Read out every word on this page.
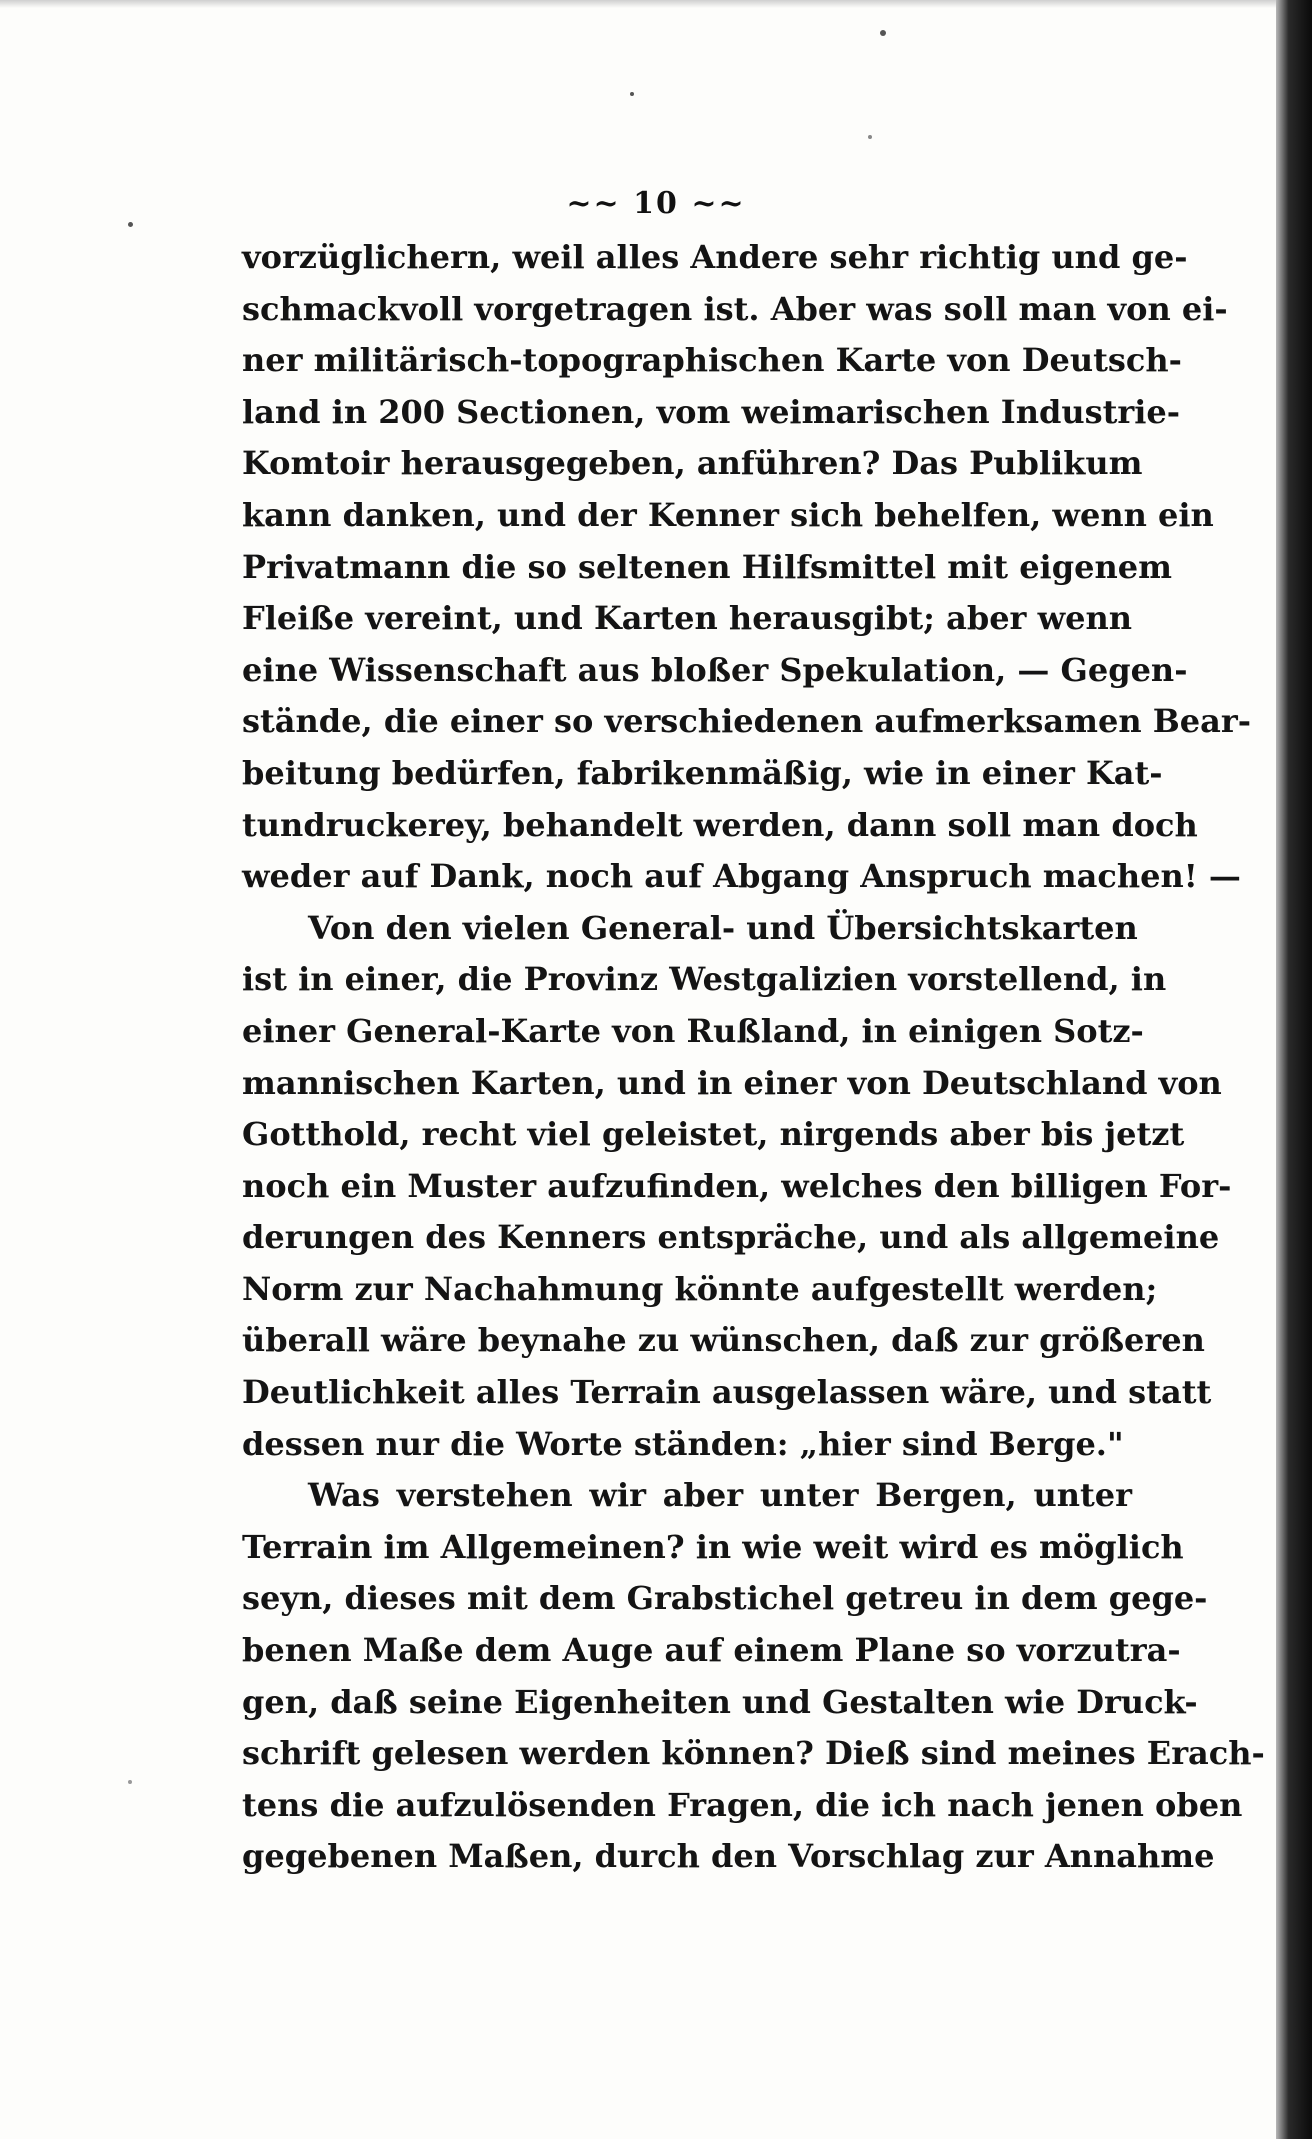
~~ 10 ~~
vorzüglichern, weil alles Andere sehr richtig und ge-
schmackvoll vorgetragen ist. Aber was soll man von ei-
ner militärisch-topographischen Karte von Deutsch-
land in 200 Sectionen, vom weimarischen Industrie-
Komtoir herausgegeben, anführen? Das Publikum
kann danken, und der Kenner sich behelfen, wenn ein
Privatmann die so seltenen Hilfsmittel mit eigenem
Fleiße vereint, und Karten herausgibt; aber wenn
eine Wissenschaft aus bloßer Spekulation, — Gegen-
stände, die einer so verschiedenen aufmerksamen Bear-
beitung bedürfen, fabrikenmäßig, wie in einer Kat-
tundruckerey, behandelt werden, dann soll man doch
weder auf Dank, noch auf Abgang Anspruch machen! —
Von den vielen General- und Übersichtskarten
ist in einer, die Provinz Westgalizien vorstellend, in
einer General-Karte von Rußland, in einigen Sotz-
mannischen Karten, und in einer von Deutschland von
Gotthold, recht viel geleistet, nirgends aber bis jetzt
noch ein Muster aufzufinden, welches den billigen For-
derungen des Kenners entspräche, und als allgemeine
Norm zur Nachahmung könnte aufgestellt werden;
überall wäre beynahe zu wünschen, daß zur größeren
Deutlichkeit alles Terrain ausgelassen wäre, und statt
dessen nur die Worte ständen: „hier sind Berge."
Was verstehen wir aber unter Bergen, unter
Terrain im Allgemeinen? in wie weit wird es möglich
seyn, dieses mit dem Grabstichel getreu in dem gege-
benen Maße dem Auge auf einem Plane so vorzutra-
gen, daß seine Eigenheiten und Gestalten wie Druck-
schrift gelesen werden können? Dieß sind meines Erach-
tens die aufzulösenden Fragen, die ich nach jenen oben
gegebenen Maßen, durch den Vorschlag zur Annahme
